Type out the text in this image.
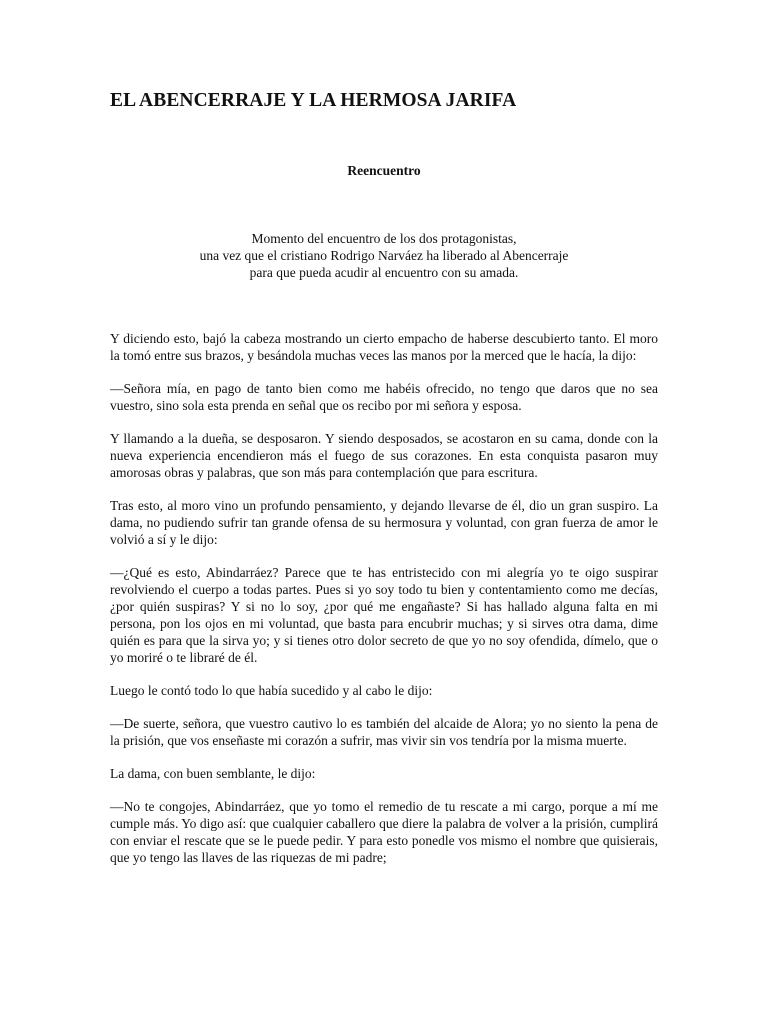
EL ABENCERRAJE Y LA HERMOSA JARIFA
Reencuentro
Momento del encuentro de los dos protagonistas,
una vez que el cristiano Rodrigo Narváez ha liberado al Abencerraje
para que pueda acudir al encuentro con su amada.

Y diciendo esto, bajó la cabeza mostrando un cierto empacho de haberse descubierto tanto. El moro la tomó entre sus brazos, y besándola muchas veces las manos por la merced que le hacía, la dijo:

—Señora mía, en pago de tanto bien como me habéis ofrecido, no tengo que daros que no sea vuestro, sino sola esta prenda en señal que os recibo por mi señora y esposa.

Y llamando a la dueña, se desposaron. Y siendo desposados, se acostaron en su cama, donde con la nueva experiencia encendieron más el fuego de sus corazones. En esta conquista pasaron muy amorosas obras y palabras, que son más para contemplación que para escritura.

Tras esto, al moro vino un profundo pensamiento, y dejando llevarse de él, dio un gran suspiro. La dama, no pudiendo sufrir tan grande ofensa de su hermosura y voluntad, con gran fuerza de amor le volvió a sí y le dijo:

—¿Qué es esto, Abindarráez? Parece que te has entristecido con mi alegría yo te oigo suspirar revolviendo el cuerpo a todas partes. Pues si yo soy todo tu bien y contentamiento como me decías, ¿por quién suspiras? Y si no lo soy, ¿por qué me engañaste? Si has hallado alguna falta en mi persona, pon los ojos en mi voluntad, que basta para encubrir muchas; y si sirves otra dama, dime quién es para que la sirva yo; y si tienes otro dolor secreto de que yo no soy ofendida, dímelo, que o yo moriré o te libraré de él.

Luego le contó todo lo que había sucedido y al cabo le dijo:

—De suerte, señora, que vuestro cautivo lo es también del alcaide de Alora; yo no siento la pena de la prisión, que vos enseñaste mi corazón a sufrir, mas vivir sin vos tendría por la misma muerte.

La dama, con buen semblante, le dijo:

—No te congojes, Abindarráez, que yo tomo el remedio de tu rescate a mi cargo, porque a mí me cumple más. Yo digo así: que cualquier caballero que diere la palabra de volver a la prisión, cumplirá con enviar el rescate que se le puede pedir. Y para esto ponedle vos mismo el nombre que quisierais, que yo tengo las llaves de las riquezas de mi padre;
